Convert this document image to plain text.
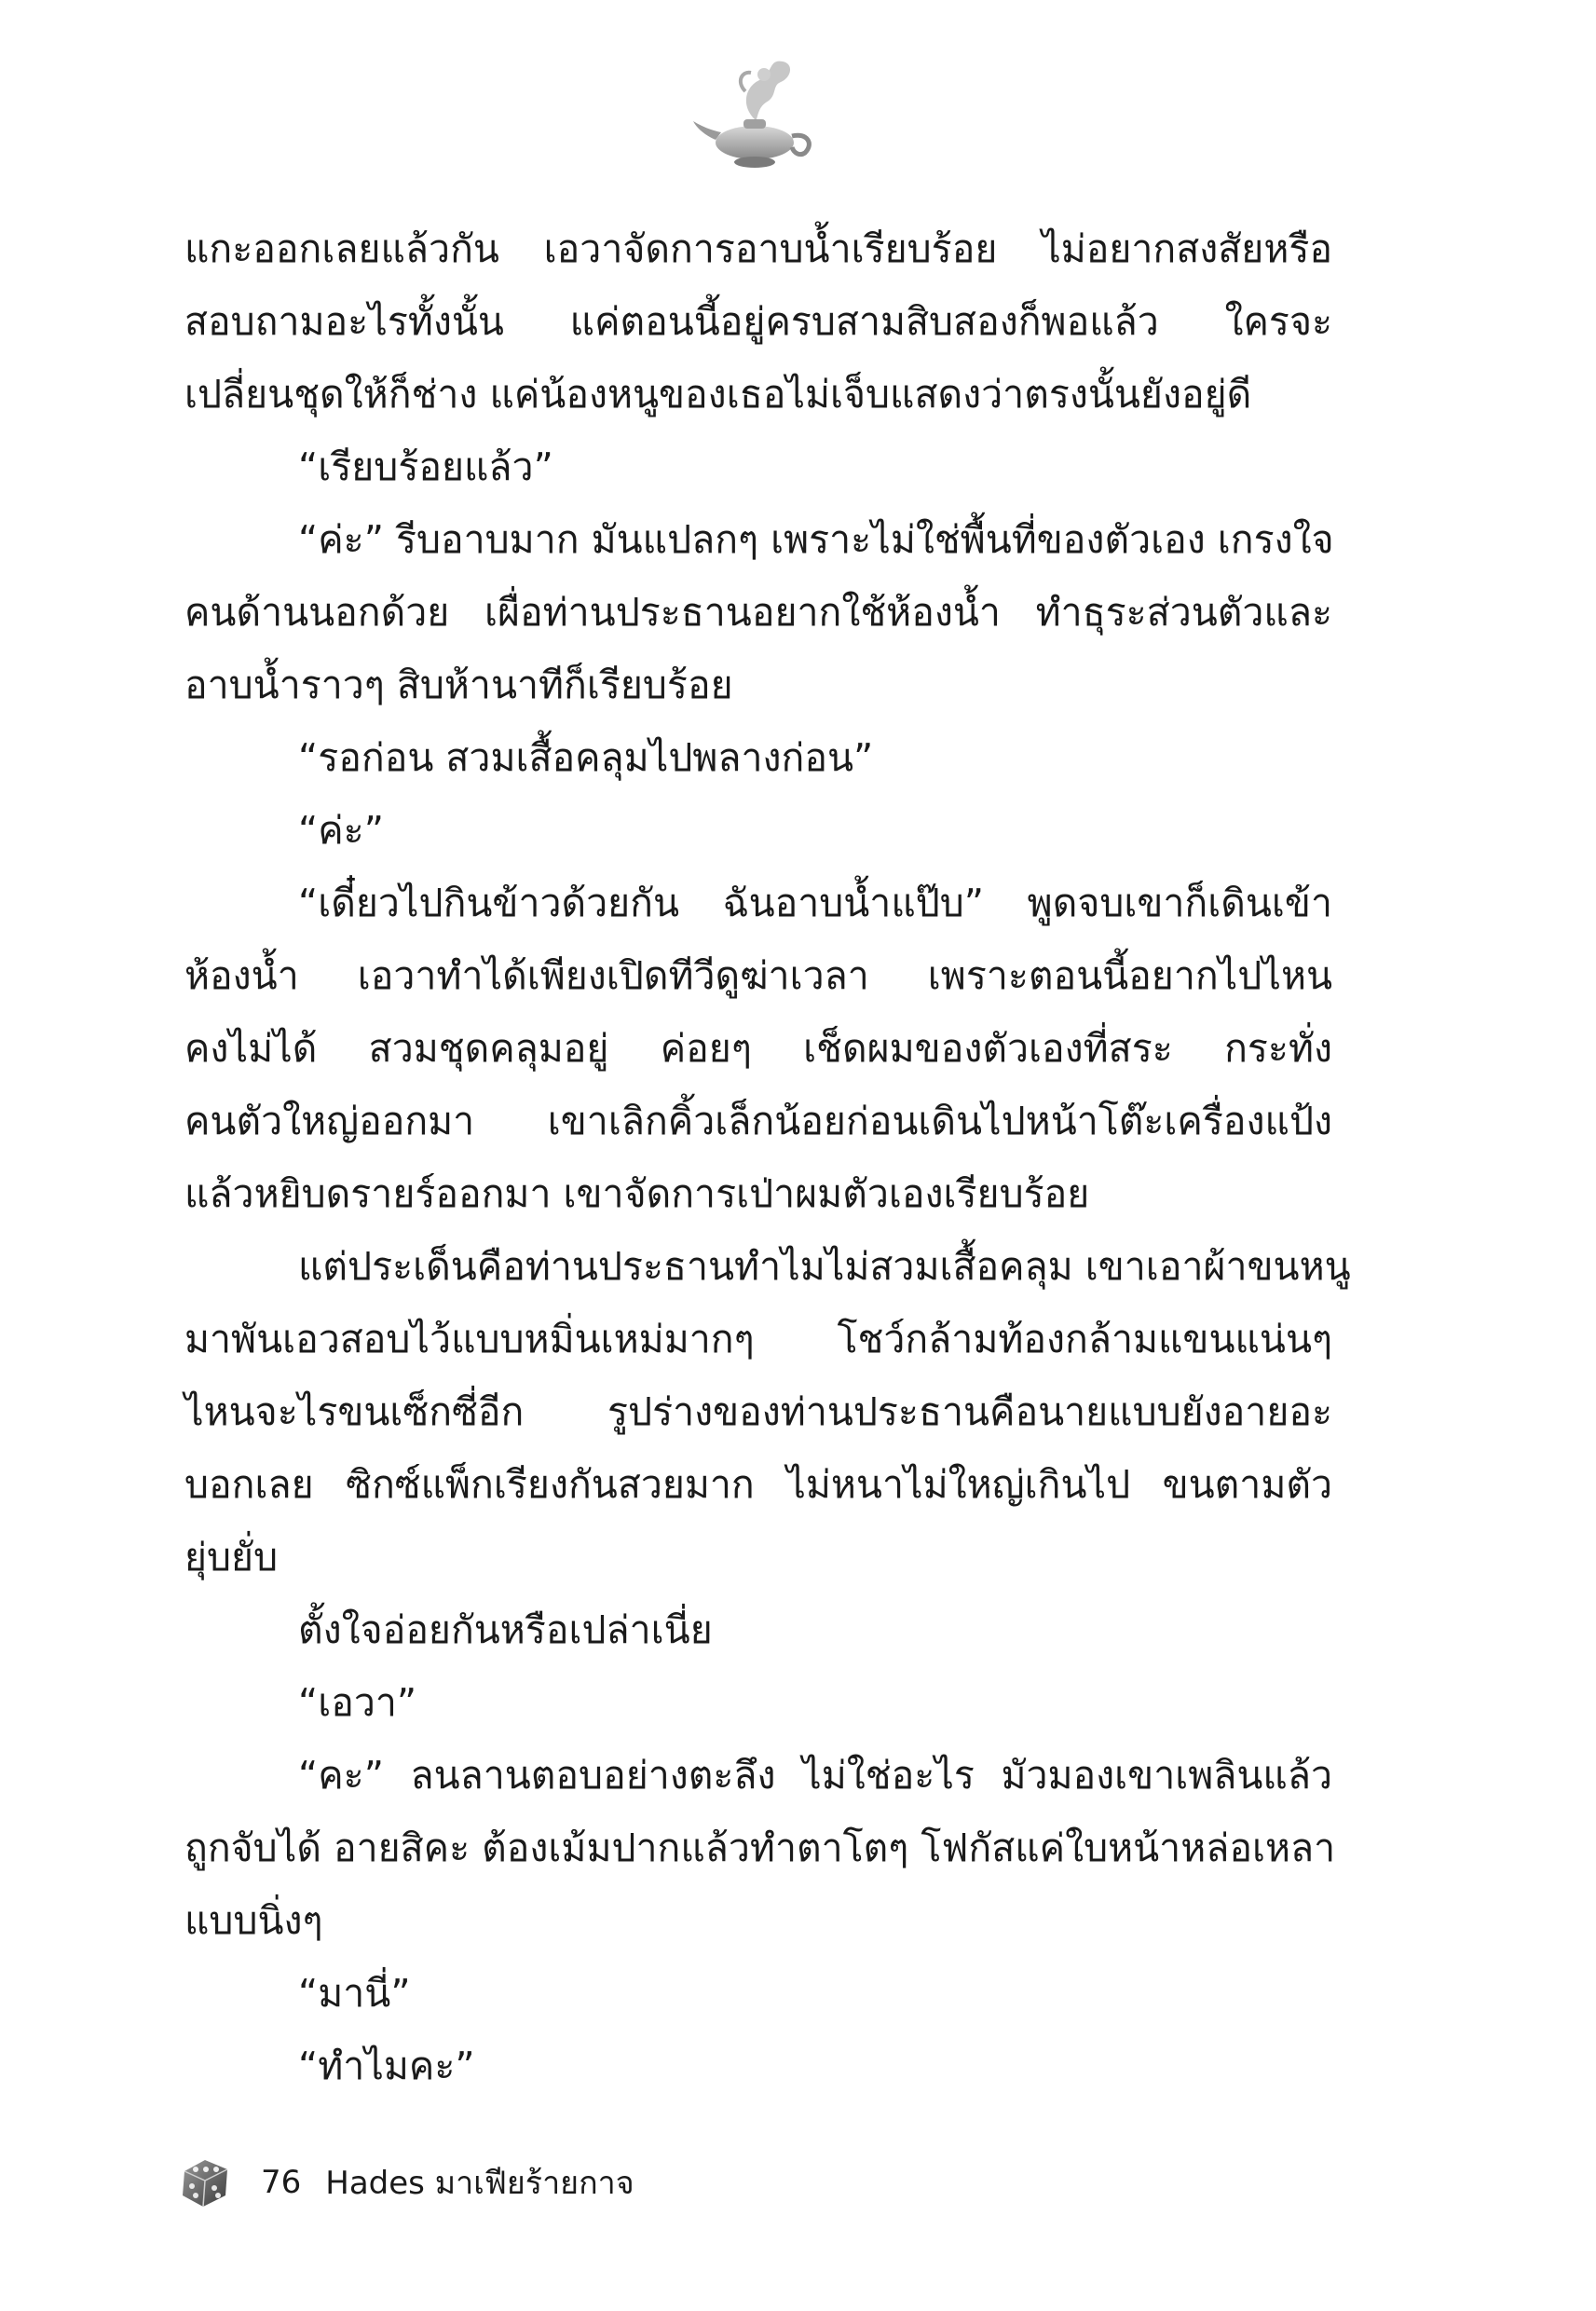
แกะออกเลยแล้วกัน เอวาจัดการอาบน้ำเรียบร้อย ไม่อยากสงสัยหรือ
สอบถามอะไรทั้งนั้น แค่ตอนนี้อยู่ครบสามสิบสองก็พอแล้ว ใครจะ
เปลี่ยนชุดให้ก็ช่าง แค่น้องหนูของเธอไม่เจ็บแสดงว่าตรงนั้นยังอยู่ดี
“เรียบร้อยแล้ว”
“ค่ะ” รีบอาบมาก มันแปลกๆ เพราะไม่ใช่พื้นที่ของตัวเอง เกรงใจ
คนด้านนอกด้วย เผื่อท่านประธานอยากใช้ห้องน้ำ ทำธุระส่วนตัวและ
อาบน้ำราวๆ สิบห้านาทีก็เรียบร้อย
“รอก่อน สวมเสื้อคลุมไปพลางก่อน”
“ค่ะ”
“เดี๋ยวไปกินข้าวด้วยกัน ฉันอาบน้ำแป๊บ” พูดจบเขาก็เดินเข้า
ห้องน้ำ เอวาทำได้เพียงเปิดทีวีดูฆ่าเวลา เพราะตอนนี้อยากไปไหน
คงไม่ได้ สวมชุดคลุมอยู่ ค่อยๆ เช็ดผมของตัวเองที่สระ กระทั่ง
คนตัวใหญ่ออกมา เขาเลิกคิ้วเล็กน้อยก่อนเดินไปหน้าโต๊ะเครื่องแป้ง
แล้วหยิบดรายร์ออกมา เขาจัดการเป่าผมตัวเองเรียบร้อย
แต่ประเด็นคือท่านประธานทำไมไม่สวมเสื้อคลุม เขาเอาผ้าขนหนู
มาพันเอวสอบไว้แบบหมิ่นเหม่มากๆ โชว์กล้ามท้องกล้ามแขนแน่นๆ
ไหนจะไรขนเซ็กซี่อีก รูปร่างของท่านประธานคือนายแบบยังอายอะ
บอกเลย ซิกซ์แพ็กเรียงกันสวยมาก ไม่หนาไม่ใหญ่เกินไป ขนตามตัว
ยุ่บยั่บ
ตั้งใจอ่อยกันหรือเปล่าเนี่ย
“เอวา”
“คะ” ลนลานตอบอย่างตะลึง ไม่ใช่อะไร มัวมองเขาเพลินแล้ว
ถูกจับได้ อายสิคะ ต้องเม้มปากแล้วทำตาโตๆ โฟกัสแค่ใบหน้าหล่อเหลา
แบบนิ่งๆ
“มานี่”
“ทำไมคะ”
76 Hades มาเฟียร้ายกาจ
